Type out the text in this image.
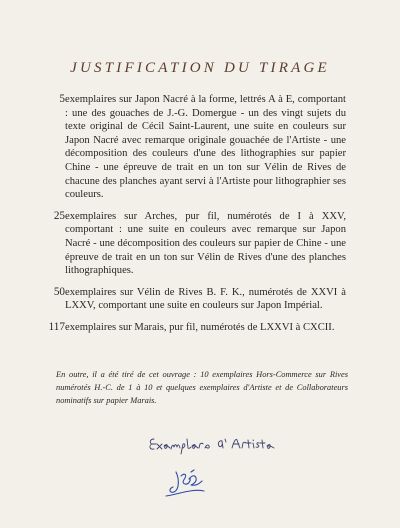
JUSTIFICATION DU TIRAGE
5 exemplaires sur Japon Nacré à la forme, lettrés A à E, comportant : une des gouaches de J.-G. Domergue - un des vingt sujets du texte original de Cécil Saint-Laurent, une suite en couleurs sur Japon Nacré avec remarque originale gouachée de l'Artiste - une décomposition des couleurs d'une des lithographies sur papier Chine - une épreuve de trait en un ton sur Vélin de Rives de chacune des planches ayant servi à l'Artiste pour lithographier ses couleurs.
25 exemplaires sur Arches, pur fil, numérotés de I à XXV, comportant : une suite en couleurs avec remarque sur Japon Nacré - une décomposition des couleurs sur papier de Chine - une épreuve de trait en un ton sur Vélin de Rives d'une des planches lithographiques.
50 exemplaires sur Vélin de Rives B. F. K., numérotés de XXVI à LXXV, comportant une suite en couleurs sur Japon Impérial.
117 exemplaires sur Marais, pur fil, numérotés de LXXVI à CXCII.
En outre, il a été tiré de cet ouvrage : 10 exemplaires Hors-Commerce sur Rives numérotés H.-C. de 1 à 10 et quelques exemplaires d'Artiste et de Collaborateurs nominatifs sur papier Marais.
